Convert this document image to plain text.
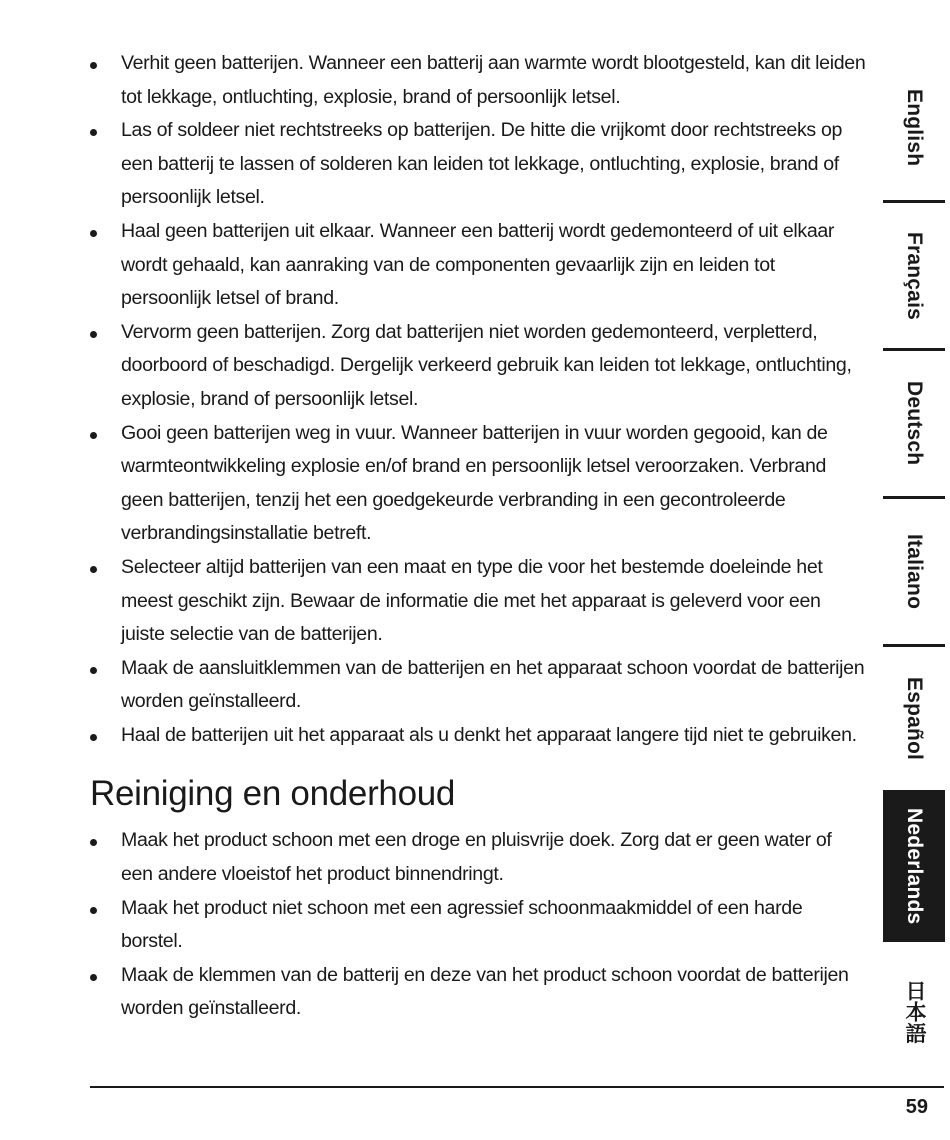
Verhit geen batterijen. Wanneer een batterij aan warmte wordt blootgesteld, kan dit leiden tot lekkage, ontluchting, explosie, brand of persoonlijk letsel.
Las of soldeer niet rechtstreeks op batterijen. De hitte die vrijkomt door rechtstreeks op een batterij te lassen of solderen kan leiden tot lekkage, ontluchting, explosie, brand of persoonlijk letsel.
Haal geen batterijen uit elkaar. Wanneer een batterij wordt gedemonteerd of uit elkaar wordt gehaald, kan aanraking van de componenten gevaarlijk zijn en leiden tot persoonlijk letsel of brand.
Vervorm geen batterijen. Zorg dat batterijen niet worden gedemonteerd, verpletterd, doorboord of beschadigd. Dergelijk verkeerd gebruik kan leiden tot lekkage, ontluchting, explosie, brand of persoonlijk letsel.
Gooi geen batterijen weg in vuur. Wanneer batterijen in vuur worden gegooid, kan de warmteontwikkeling explosie en/of brand en persoonlijk letsel veroorzaken. Verbrand geen batterijen, tenzij het een goedgekeurde verbranding in een gecontroleerde verbrandingsinstallatie betreft.
Selecteer altijd batterijen van een maat en type die voor het bestemde doeleinde het meest geschikt zijn. Bewaar de informatie die met het apparaat is geleverd voor een juiste selectie van de batterijen.
Maak de aansluitklemmen van de batterijen en het apparaat schoon voordat de batterijen worden geïnstalleerd.
Haal de batterijen uit het apparaat als u denkt het apparaat langere tijd niet te gebruiken.
Reiniging en onderhoud
Maak het product schoon met een droge en pluisvrije doek. Zorg dat er geen water of een andere vloeistof het product binnendringt.
Maak het product niet schoon met een agressief schoonmaakmiddel of een harde borstel.
Maak de klemmen van de batterij en deze van het product schoon voordat de batterijen worden geïnstalleerd.
English
Français
Deutsch
Italiano
Español
Nederlands
日本語
59
